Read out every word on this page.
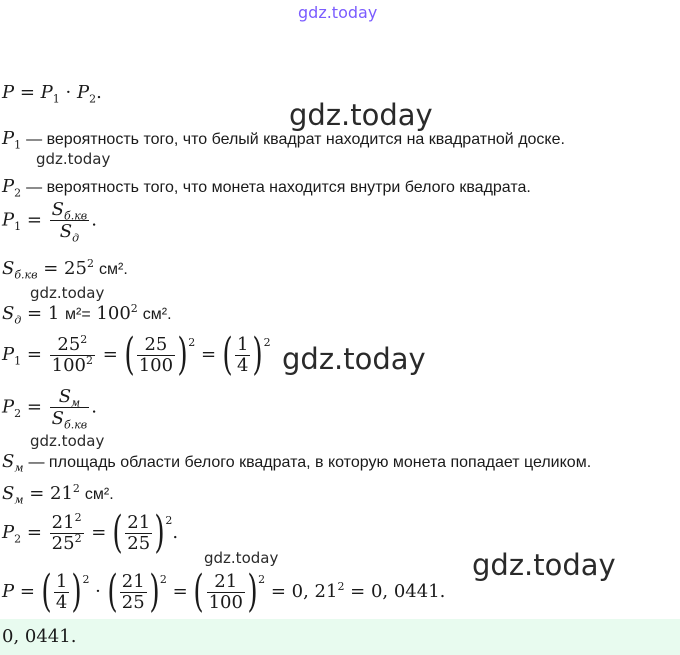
gdz.today
$P = P_1 \cdot P_2$.
gdz.today
$P_1$ — вероятность того, что белый квадрат находится на квадратной доске.
gdz.today
$P_2$ — вероятность того, что монета находится внутри белого квадрата.
$P_1 = \frac{S_{б.кв}}{S_д}$ .
$S_{б.кв} = 25^2$ см².
gdz.today
$S_д = 1$ $м^2= 100^2$ см².
$P_1 = \frac{25^2}{100^2}$ = ( $\frac{25}{100} )^2$ = ( $\frac{1}{4} )^2$ gdz.today
$P_2 = \frac{S_м}{S_{б.кв}}$ .
gdz.today
$S_м$ — площадь области белого квадрата, в которую монета попадает целиком.
$S_м = 21^2$ см².
$P_2 = \frac{21^2}{25^2}$ = ( $\frac{21}{25} )^2$.
gdz.today	gdz.today
P = ( $\frac{1}{4} )^2$ · ( $\frac{21}{25} )^2$ = ( $\frac{21}{100} )^2 = 0$, $21^2 = 0$, 0441.
0, 0441.
